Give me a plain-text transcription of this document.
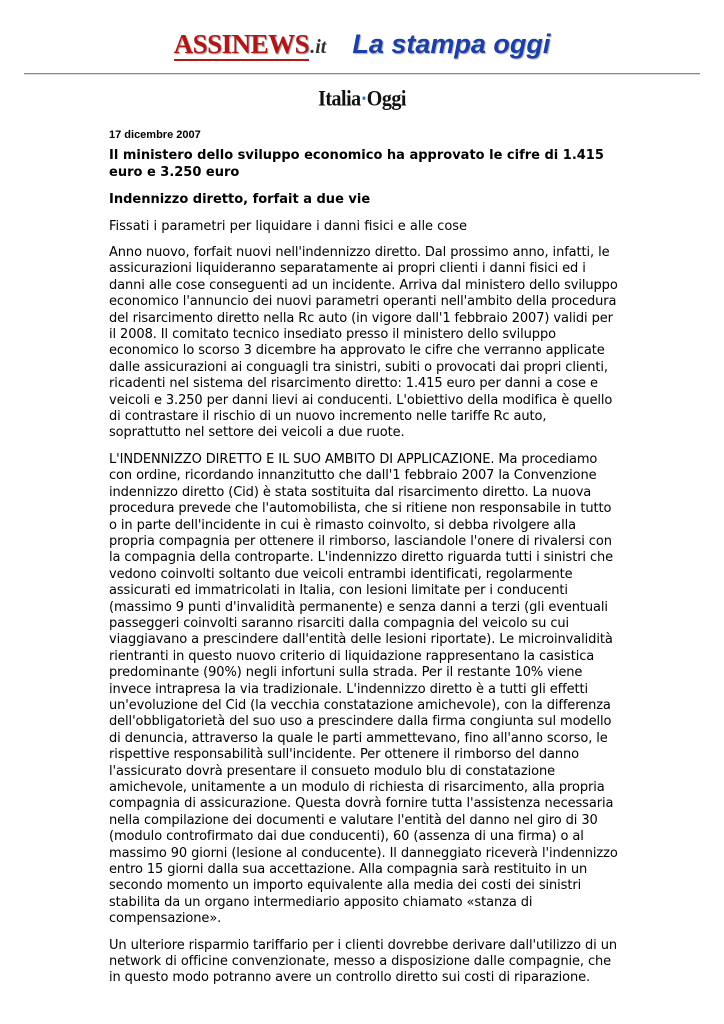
ASSINEWS.it La stampa oggi
Italia·Oggi

17 dicembre 2007

Il ministero dello sviluppo economico ha approvato le cifre di 1.415 euro e 3.250 euro

Indennizzo diretto, forfait a due vie

Fissati i parametri per liquidare i danni fisici e alle cose

Anno nuovo, forfait nuovi nell'indennizzo diretto. Dal prossimo anno, infatti, le assicurazioni liquideranno separatamente ai propri clienti i danni fisici ed i danni alle cose conseguenti ad un incidente. Arriva dal ministero dello sviluppo economico l'annuncio dei nuovi parametri operanti nell'ambito della procedura del risarcimento diretto nella Rc auto (in vigore dall'1 febbraio 2007) validi per il 2008. Il comitato tecnico insediato presso il ministero dello sviluppo economico lo scorso 3 dicembre ha approvato le cifre che verranno applicate dalle assicurazioni ai conguagli tra sinistri, subiti o provocati dai propri clienti, ricadenti nel sistema del risarcimento diretto: 1.415 euro per danni a cose e veicoli e 3.250 per danni lievi ai conducenti. L'obiettivo della modifica è quello di contrastare il rischio di un nuovo incremento nelle tariffe Rc auto, soprattutto nel settore dei veicoli a due ruote.

L'INDENNIZZO DIRETTO E IL SUO AMBITO DI APPLICAZIONE. Ma procediamo con ordine, ricordando innanzitutto che dall'1 febbraio 2007 la Convenzione indennizzo diretto (Cid) è stata sostituita dal risarcimento diretto. La nuova procedura prevede che l'automobilista, che si ritiene non responsabile in tutto o in parte dell'incidente in cui è rimasto coinvolto, si debba rivolgere alla propria compagnia per ottenere il rimborso, lasciandole l'onere di rivalersi con la compagnia della controparte. L'indennizzo diretto riguarda tutti i sinistri che vedono coinvolti soltanto due veicoli entrambi identificati, regolarmente assicurati ed immatricolati in Italia, con lesioni limitate per i conducenti (massimo 9 punti d'invalidità permanente) e senza danni a terzi (gli eventuali passeggeri coinvolti saranno risarciti dalla compagnia del veicolo su cui viaggiavano a prescindere dall'entità delle lesioni riportate). Le microinvalidità rientranti in questo nuovo criterio di liquidazione rappresentano la casistica predominante (90%) negli infortuni sulla strada. Per il restante 10% viene invece intrapresa la via tradizionale. L'indennizzo diretto è a tutti gli effetti un'evoluzione del Cid (la vecchia constatazione amichevole), con la differenza dell'obbligatorietà del suo uso a prescindere dalla firma congiunta sul modello di denuncia, attraverso la quale le parti ammettevano, fino all'anno scorso, le rispettive responsabilità sull'incidente. Per ottenere il rimborso del danno l'assicurato dovrà presentare il consueto modulo blu di constatazione amichevole, unitamente a un modulo di richiesta di risarcimento, alla propria compagnia di assicurazione. Questa dovrà fornire tutta l'assistenza necessaria nella compilazione dei documenti e valutare l'entità del danno nel giro di 30 (modulo controfirmato dai due conducenti), 60 (assenza di una firma) o al massimo 90 giorni (lesione al conducente). Il danneggiato riceverà l'indennizzo entro 15 giorni dalla sua accettazione. Alla compagnia sarà restituito in un secondo momento un importo equivalente alla media dei costi dei sinistri stabilita da un organo intermediario apposito chiamato «stanza di compensazione».

Un ulteriore risparmio tariffario per i clienti dovrebbe derivare dall'utilizzo di un network di officine convenzionate, messo a disposizione dalle compagnie, che in questo modo potranno avere un controllo diretto sui costi di riparazione.
